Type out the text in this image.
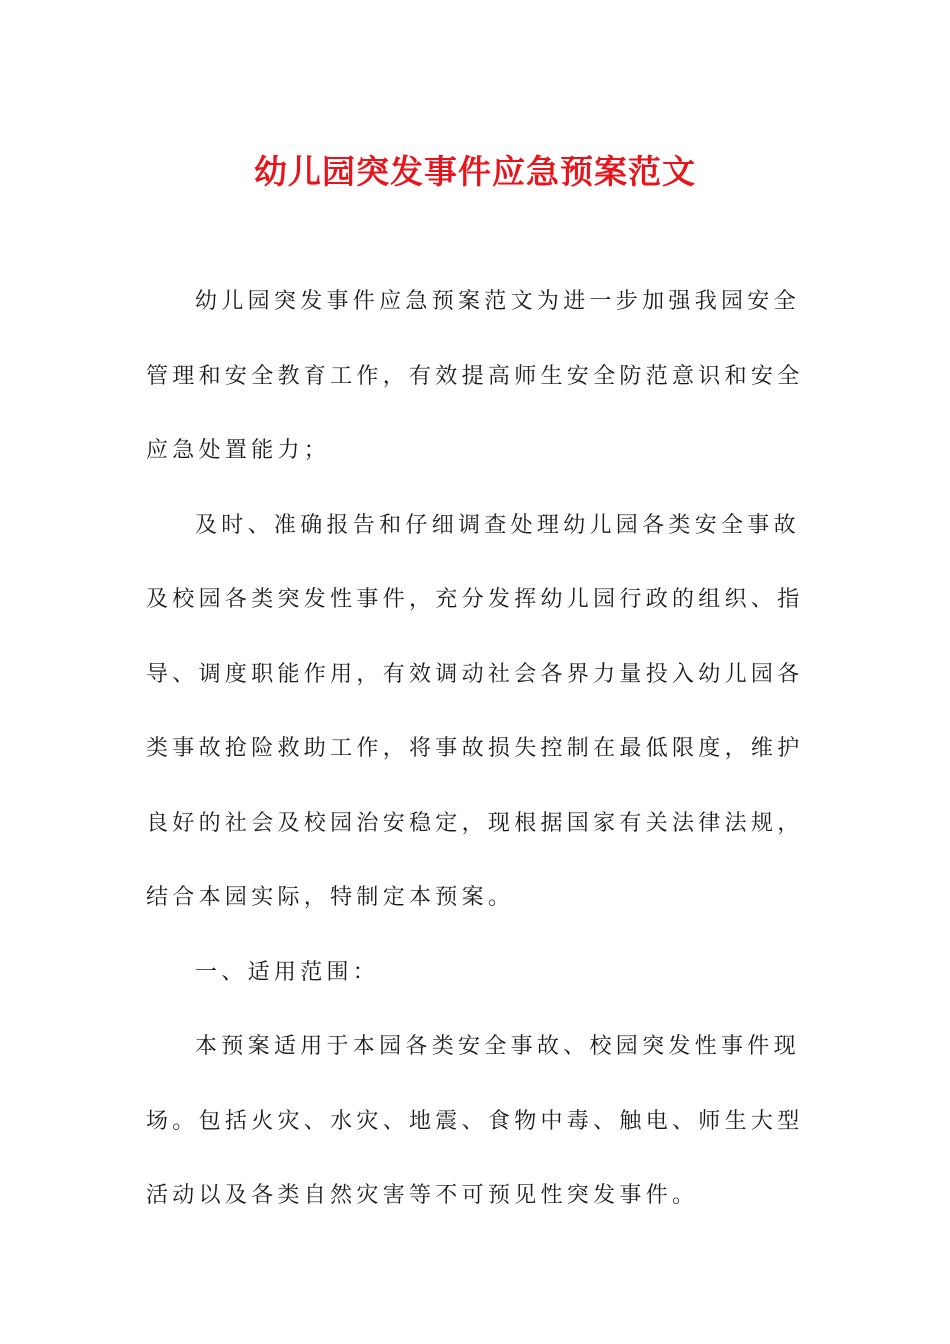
幼儿园突发事件应急预案范文

幼儿园突发事件应急预案范文为进一步加强我园安全管理和安全教育工作，有效提高师生安全防范意识和安全应急处置能力；

及时、准确报告和仔细调查处理幼儿园各类安全事故及校园各类突发性事件，充分发挥幼儿园行政的组织、指导、调度职能作用，有效调动社会各界力量投入幼儿园各类事故抢险救助工作，将事故损失控制在最低限度，维护良好的社会及校园治安稳定，现根据国家有关法律法规，结合本园实际，特制定本预案。

一、适用范围：

本预案适用于本园各类安全事故、校园突发性事件现场。包括火灾、水灾、地震、食物中毒、触电、师生大型活动以及各类自然灾害等不可预见性突发事件。
